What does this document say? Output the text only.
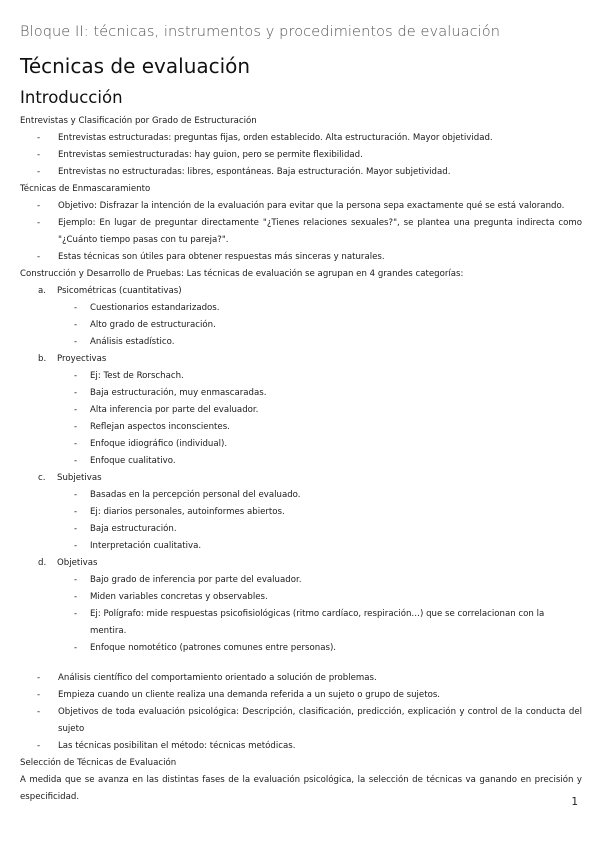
Bloque II: técnicas, instrumentos y procedimientos de evaluación
Técnicas de evaluación
Introducción

Entrevistas y Clasificación por Grado de Estructuración

- Entrevistas estructuradas: preguntas fijas, orden establecido. Alta estructuración. Mayor objetividad.
- Entrevistas semiestructuradas: hay guion, pero se permite flexibilidad.
- Entrevistas no estructuradas: libres, espontáneas. Baja estructuración. Mayor subjetividad.

Técnicas de Enmascaramiento

- Objetivo: Disfrazar la intención de la evaluación para evitar que la persona sepa exactamente qué se está valorando.
- Ejemplo: En lugar de preguntar directamente "¿Tienes relaciones sexuales?", se plantea una pregunta indirecta como "¿Cuánto tiempo pasas con tu pareja?".
- Estas técnicas son útiles para obtener respuestas más sinceras y naturales.

Construcción y Desarrollo de Pruebas: Las técnicas de evaluación se agrupan en 4 grandes categorías:

a. Psicométricas (cuantitativas)
- Cuestionarios estandarizados.
- Alto grado de estructuración.
- Análisis estadístico.
b. Proyectivas
- Ej: Test de Rorschach.
- Baja estructuración, muy enmascaradas.
- Alta inferencia por parte del evaluador.
- Reflejan aspectos inconscientes.
- Enfoque idiográfico (individual).
- Enfoque cualitativo.
c. Subjetivas
- Basadas en la percepción personal del evaluado.
- Ej: diarios personales, autoinformes abiertos.
- Baja estructuración.
- Interpretación cualitativa.
d. Objetivas
- Bajo grado de inferencia por parte del evaluador.
- Miden variables concretas y observables.
- Ej: Polígrafo: mide respuestas psicofisiológicas (ritmo cardíaco, respiración…) que se correlacionan con la mentira.
- Enfoque nomotético (patrones comunes entre personas).
- Análisis científico del comportamiento orientado a solución de problemas.
- Empieza cuando un cliente realiza una demanda referida a un sujeto o grupo de sujetos.
- Objetivos de toda evaluación psicológica: Descripción, clasificación, predicción, explicación y control de la conducta del sujeto
- Las técnicas posibilitan el método: técnicas metódicas.

Selección de Técnicas de Evaluación

A medida que se avanza en las distintas fases de la evaluación psicológica, la selección de técnicas va ganando en precisión y especificidad.	1
